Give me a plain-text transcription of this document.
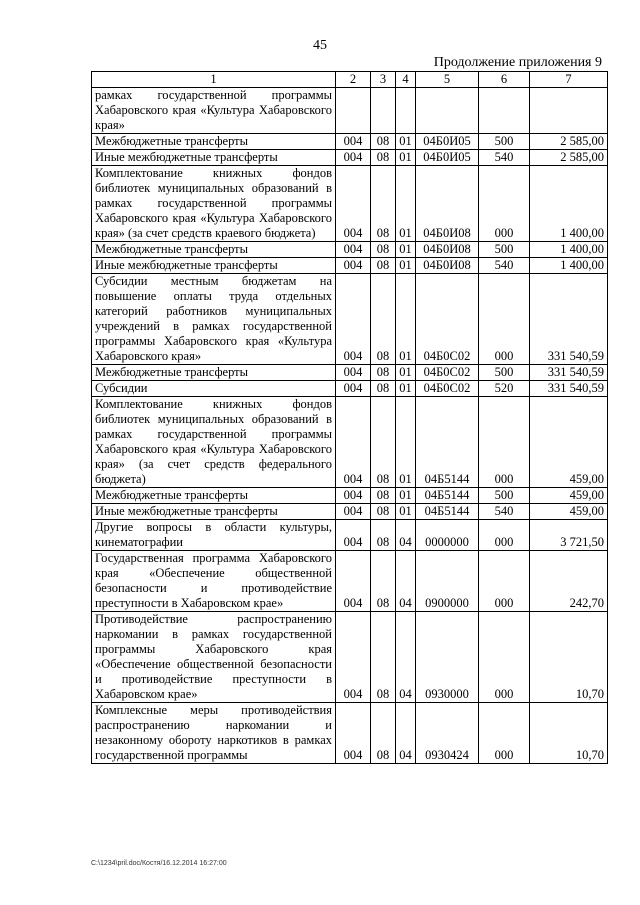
45
Продолжение приложения 9
1	2	3	4	5	6	7
рамках государственной программы Хабаровского края «Культура Хабаровского края»						
Межбюджетные трансферты	004	08	01	04Б0И05	500	2 585,00
Иные межбюджетные трансферты	004	08	01	04Б0И05	540	2 585,00
Комплектование книжных фондов библиотек муниципальных образований в рамках государственной программы Хабаровского края «Культура Хабаровского края» (за счет средств краевого бюджета)	004	08	01	04Б0И08	000	1 400,00
Межбюджетные трансферты	004	08	01	04Б0И08	500	1 400,00
Иные межбюджетные трансферты	004	08	01	04Б0И08	540	1 400,00
Субсидии местным бюджетам на повышение оплаты труда отдельных категорий работников муниципальных учреждений в рамках государственной программы Хабаровского края «Культура Хабаровского края»	004	08	01	04Б0С02	000	331 540,59
Межбюджетные трансферты	004	08	01	04Б0С02	500	331 540,59
Субсидии	004	08	01	04Б0С02	520	331 540,59
Комплектование книжных фондов библиотек муниципальных образований в рамках государственной программы Хабаровского края «Культура Хабаровского края» (за счет средств федерального бюджета)	004	08	01	04Б5144	000	459,00
Межбюджетные трансферты	004	08	01	04Б5144	500	459,00
Иные межбюджетные трансферты	004	08	01	04Б5144	540	459,00
Другие вопросы в области культуры, кинематографии	004	08	04	0000000	000	3 721,50
Государственная программа Хабаровского края «Обеспечение общественной безопасности и противодействие преступности в Хабаровском крае»	004	08	04	0900000	000	242,70
Противодействие распространению наркомании в рамках государственной программы Хабаровского края «Обеспечение общественной безопасности и противодействие преступности в Хабаровском крае»	004	08	04	0930000	000	10,70
Комплексные меры противодействия распространению наркомании и незаконному обороту наркотиков в рамках государственной программы	004	08	04	0930424	000	10,70
C:\1234\pril.doc/Костя/16.12.2014 16:27:00
